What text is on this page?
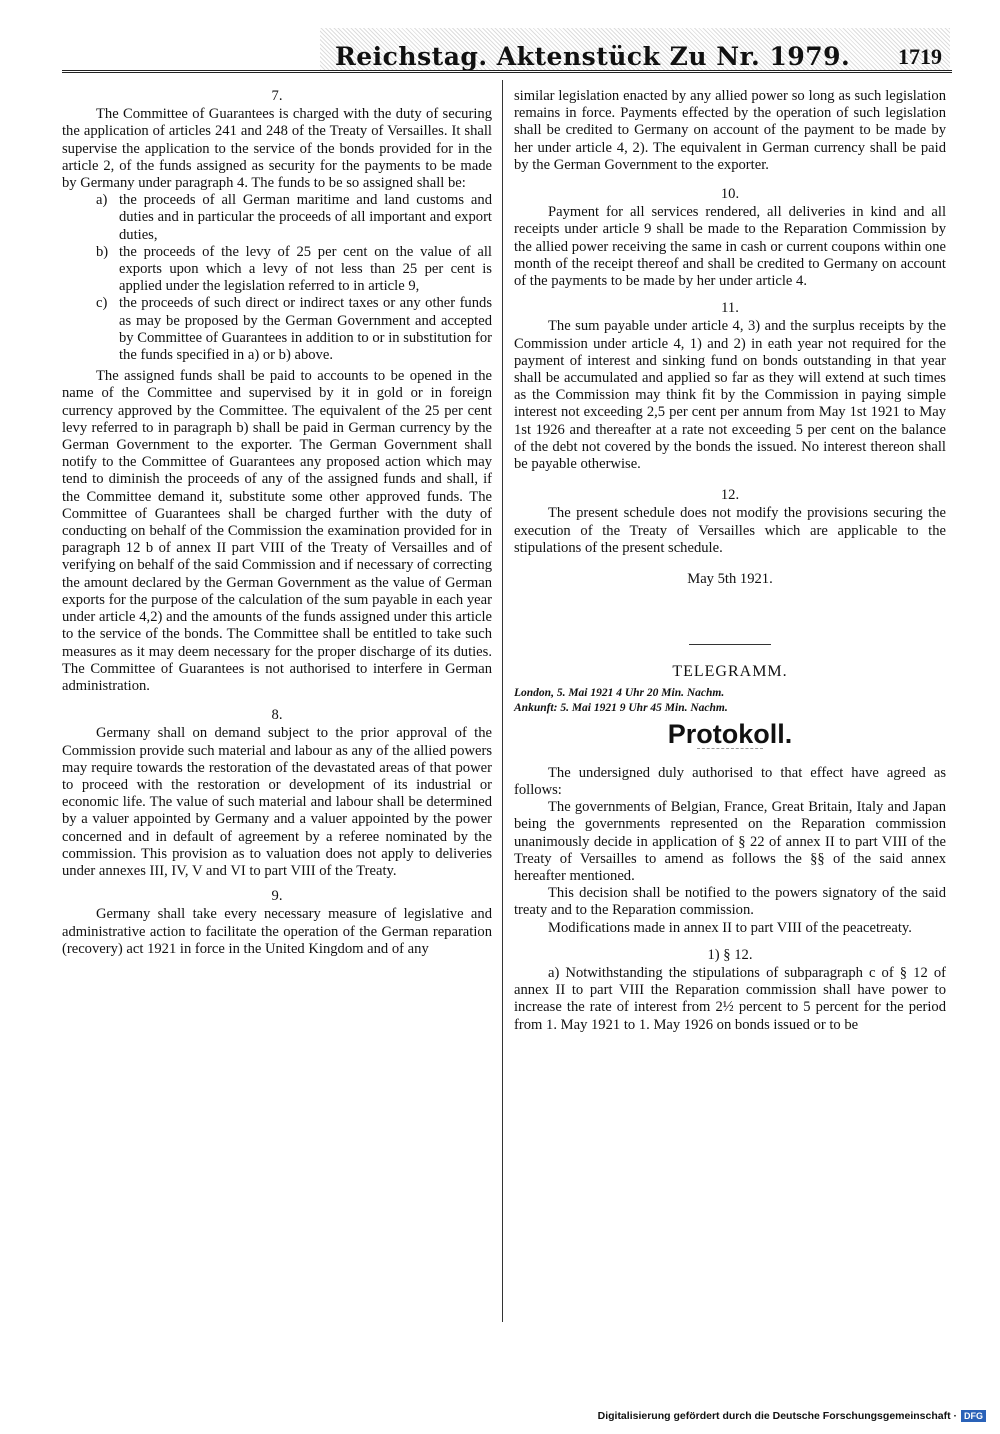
Reichstag. Aktenstück Zu Nr. 1979. 1719

7.

The Committee of Guarantees is charged with the duty of securing the application of articles 241 and 248 of the Treaty of Versailles. It shall supervise the application to the service of the bonds provided for in the article 2, of the funds assigned as security for the payments to be made by Germany under paragraph 4. The funds to be so assigned shall be:

a) the proceeds of all German maritime and land customs and duties and in particular the proceeds of all important and export duties,
b) the proceeds of the levy of 25 per cent on the value of all exports upon which a levy of not less than 25 per cent is applied under the legislation referred to in article 9,
c) the proceeds of such direct or indirect taxes or any other funds as may be proposed by the German Government and accepted by Committee of Guarantees in addition to or in substitution for the funds specified in a) or b) above.

The assigned funds shall be paid to accounts to be opened in the name of the Committee and supervised by it in gold or in foreign currency approved by the Committee. The equivalent of the 25 per cent levy referred to in paragraph b) shall be paid in German currency by the German Government to the exporter. The German Government shall notify to the Committee of Guarantees any proposed action which may tend to diminish the proceeds of any of the assigned funds and shall, if the Committee demand it, substitute some other approved funds. The Committee of Guarantees shall be charged further with the duty of conducting on behalf of the Commission the examination provided for in paragraph 12 b of annex II part VIII of the Treaty of Versailles and of verifying on behalf of the said Commission and if necessary of correcting the amount declared by the German Government as the value of German exports for the purpose of the calculation of the sum payable in each year under article 4,2) and the amounts of the funds assigned under this article to the service of the bonds. The Committee shall be entitled to take such measures as it may deem necessary for the proper discharge of its duties. The Committee of Guarantees is not authorised to interfere in German administration.

8.

Germany shall on demand subject to the prior approval of the Commission provide such material and labour as any of the allied powers may require towards the restoration of the devastated areas of that power to proceed with the restoration or development of its industrial or economic life. The value of such material and labour shall be determined by a valuer appointed by Germany and a valuer appointed by the power concerned and in default of agreement by a referee nominated by the commission. This provision as to valuation does not apply to deliveries under annexes III, IV, V and VI to part VIII of the Treaty.

9.

Germany shall take every necessary measure of legislative and administrative action to facilitate the operation of the German reparation (recovery) act 1921 in force in the United Kingdom and of any

similar legislation enacted by any allied power so long as such legislation remains in force. Payments effected by the operation of such legislation shall be credited to Germany on account of the payment to be made by her under article 4, 2). The equivalent in German currency shall be paid by the German Government to the exporter.

10.

Payment for all services rendered, all deliveries in kind and all receipts under article 9 shall be made to the Reparation Commission by the allied power receiving the same in cash or current coupons within one month of the receipt thereof and shall be credited to Germany on account of the payments to be made by her under article 4.

11.

The sum payable under article 4, 3) and the surplus receipts by the Commission under article 4, 1) and 2) in eath year not required for the payment of interest and sinking fund on bonds outstanding in that year shall be accumulated and applied so far as they will extend at such times as the Commission may think fit by the Commission in paying simple interest not exceeding 2,5 per cent per annum from May 1st 1921 to May 1st 1926 and thereafter at a rate not exceeding 5 per cent on the balance of the debt not covered by the bonds the issued. No interest thereon shall be payable otherwise.

12.

The present schedule does not modify the provisions securing the execution of the Treaty of Versailles which are applicable to the stipulations of the present schedule.

May 5th 1921.

TELEGRAMM.
London, 5. Mai 1921 4 Uhr 20 Min. Nachm.
Ankunft: 5. Mai 1921 9 Uhr 45 Min. Nachm.
Protokoll.

The undersigned duly authorised to that effect have agreed as follows:

The governments of Belgian, France, Great Britain, Italy and Japan being the governments represented on the Reparation commission unanimously decide in application of § 22 of annex II to part VIII of the Treaty of Versailles to amend as follows the §§ of the said annex hereafter mentioned.

This decision shall be notified to the powers signatory of the said treaty and to the Reparation commission.

Modifications made in annex II to part VIII of the peacetreaty.

1) § 12.

a) Notwithstanding the stipulations of subparagraph c of § 12 of annex II to part VIII the Reparation commission shall have power to increase the rate of interest from 2½ percent to 5 percent for the period from 1. May 1921 to 1. May 1926 on bonds issued or to be

Digitalisierung gefördert durch die Deutsche Forschungsgemeinschaft · DFG
